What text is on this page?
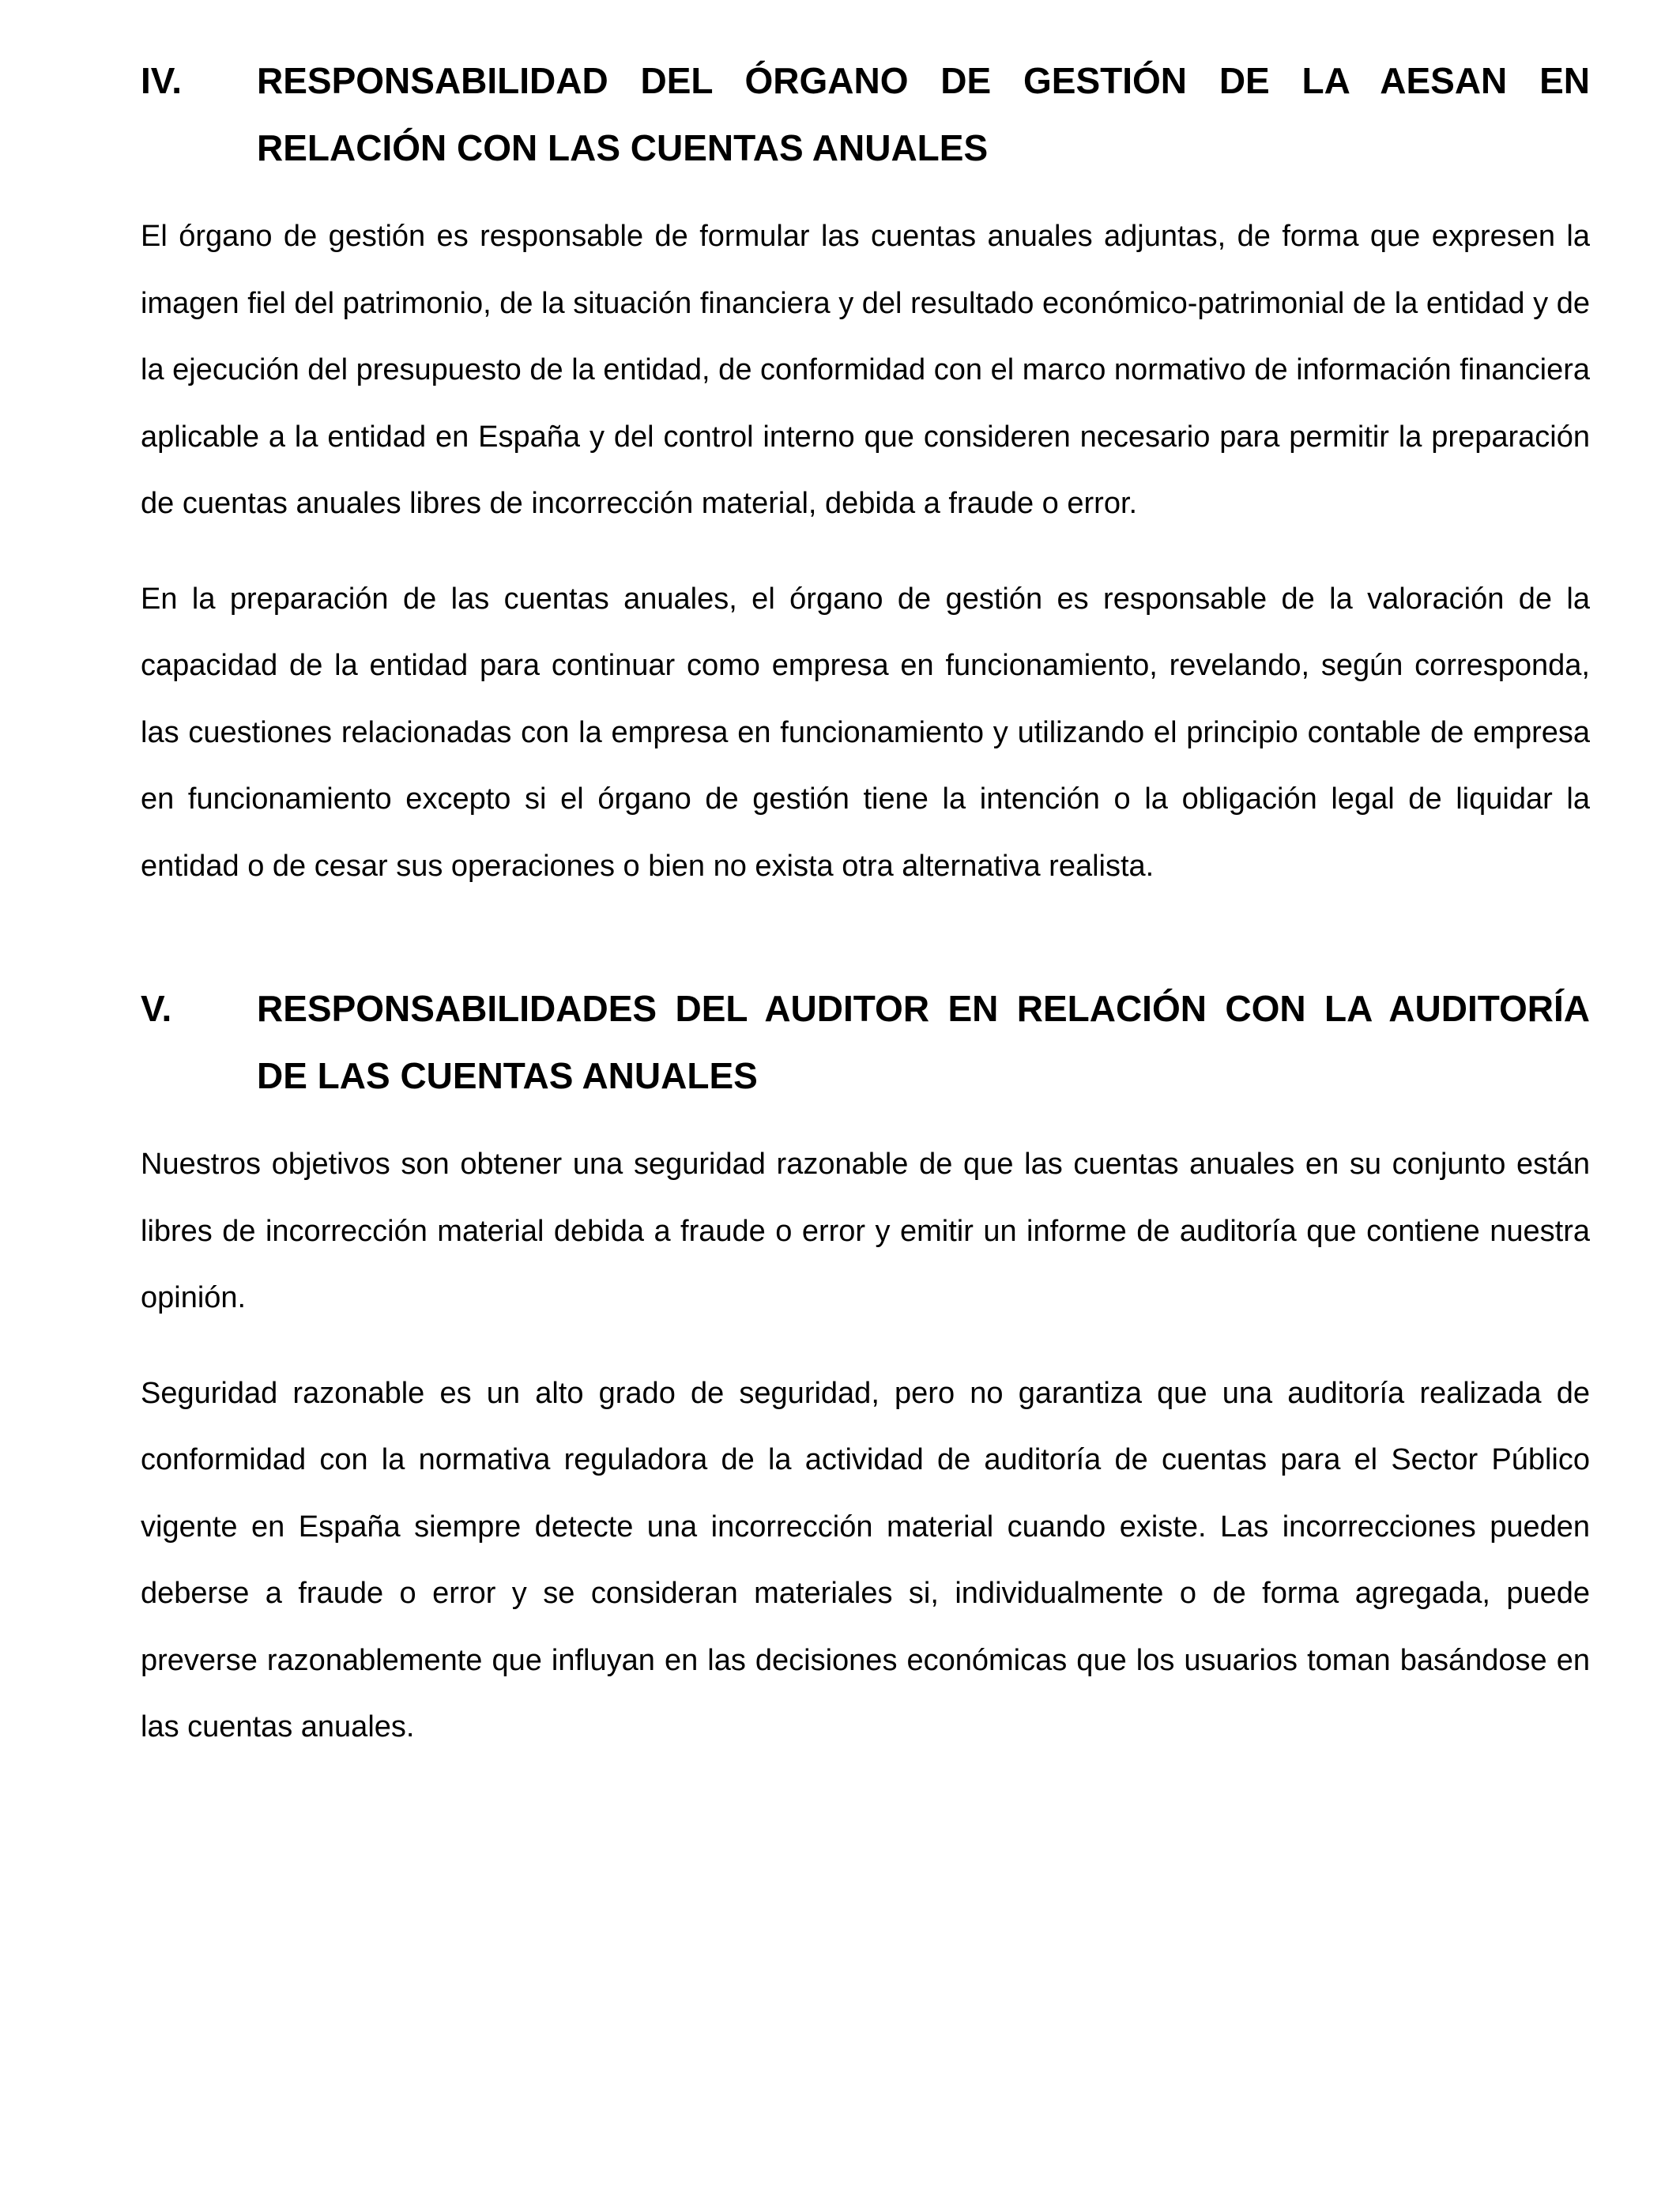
IV.	RESPONSABILIDAD DEL ÓRGANO DE GESTIÓN DE LA AESAN EN RELACIÓN CON LAS CUENTAS ANUALES

El órgano de gestión es responsable de formular las cuentas anuales adjuntas, de forma que expresen la imagen fiel del patrimonio, de la situación financiera y del resultado económico-patrimonial de la entidad y de la ejecución del presupuesto de la entidad, de conformidad con el marco normativo de información financiera aplicable a la entidad en España y del control interno que consideren necesario para permitir la preparación de cuentas anuales libres de incorrección material, debida a fraude o error.

En la preparación de las cuentas anuales, el órgano de gestión es responsable de la valoración de la capacidad de la entidad para continuar como empresa en funcionamiento, revelando, según corresponda, las cuestiones relacionadas con la empresa en funcionamiento y utilizando el principio contable de empresa en funcionamiento excepto si el órgano de gestión tiene la intención o la obligación legal de liquidar la entidad o de cesar sus operaciones o bien no exista otra alternativa realista.

V.	RESPONSABILIDADES DEL AUDITOR EN RELACIÓN CON LA AUDITORÍA DE LAS CUENTAS ANUALES

Nuestros objetivos son obtener una seguridad razonable de que las cuentas anuales en su conjunto están libres de incorrección material debida a fraude o error y emitir un informe de auditoría que contiene nuestra opinión.

Seguridad razonable es un alto grado de seguridad, pero no garantiza que una auditoría realizada de conformidad con la normativa reguladora de la actividad de auditoría de cuentas para el Sector Público vigente en España siempre detecte una incorrección material cuando existe. Las incorrecciones pueden deberse a fraude o error y se consideran materiales si, individualmente o de forma agregada, puede preverse razonablemente que influyan en las decisiones económicas que los usuarios toman basándose en las cuentas anuales.
